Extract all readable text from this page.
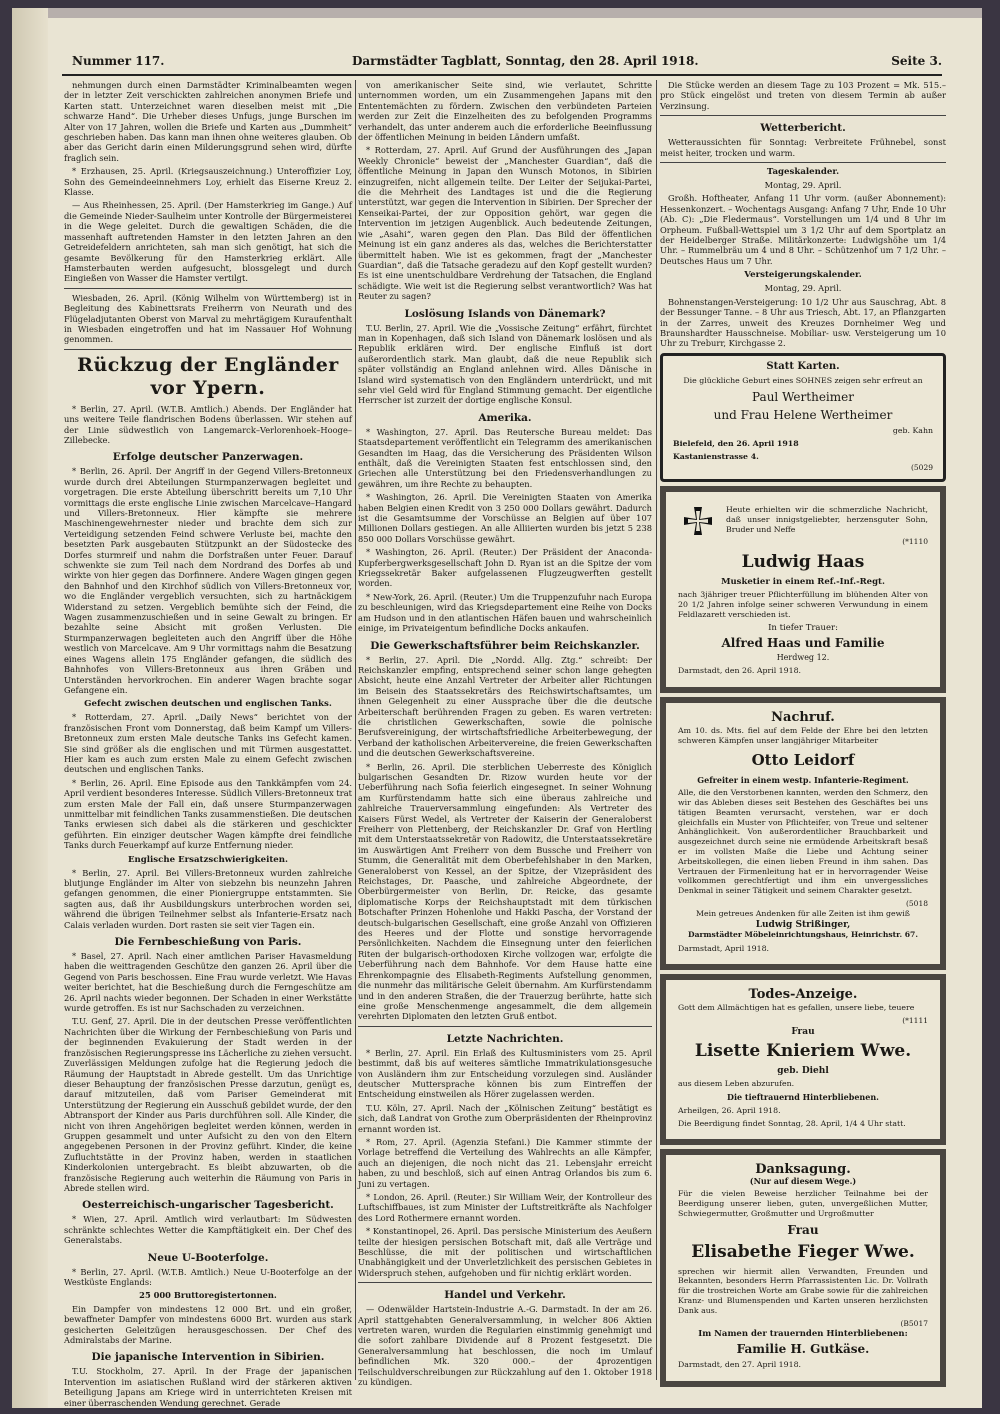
Nummer 117.	Darmstädter Tagblatt, Sonntag, den 28. April 1918.	Seite 3.

nehmungen durch einen Darmstädter Kriminalbeamten wegen der in letzter Zeit verschickten zahlreichen anonymen Briefe und Karten statt. Unterzeichnet waren dieselben meist mit „Die schwarze Hand“. Die Urheber dieses Unfugs, junge Burschen im Alter von 17 Jahren, wollen die Briefe und Karten aus „Dummheit“ geschrieben haben. Das kann man ihnen ohne weiteres glauben. Ob aber das Gericht darin einen Milderungsgrund sehen wird, dürfte fraglich sein.

* Erzhausen, 25. April. (Kriegsauszeichnung.) Unteroffizier Loy, Sohn des Gemeindeeinnehmers Loy, erhielt das Eiserne Kreuz 2. Klasse.

— Aus Rheinhessen, 25. April. (Der Hamsterkrieg im Gange.) Auf die Gemeinde Nieder-Saulheim unter Kontrolle der Bürgermeisterei in die Wege geleitet. Durch die gewaltigen Schäden, die die massenhaft auftretenden Hamster in den letzten Jahren an den Getreidefeldern anrichteten, sah man sich genötigt, hat sich die gesamte Bevölkerung für den Hamsterkrieg erklärt. Alle Hamsterbauten werden aufgesucht, blossgelegt und durch Eingießen von Wasser die Hamster vertilgt.

Wiesbaden, 26. April. (König Wilhelm von Württemberg) ist in Begleitung des Kabinettsrats Freiherrn von Neurath und des Flügeladjutanten Oberst von Marval zu mehrtägigem Kuraufenthalt in Wiesbaden eingetroffen und hat im Nassauer Hof Wohnung genommen.

Rückzug der Engländer vor Ypern.

* Berlin, 27. April. (W.T.B. Amtlich.) Abends. Der Engländer hat uns weitere Teile flandrischen Bodens überlassen. Wir stehen auf der Linie südwestlich von Langemarck–Verlorenhoek–Hooge–Zillebecke.

Erfolge deutscher Panzerwagen.

* Berlin, 26. April. Der Angriff in der Gegend Villers-Bretonneux wurde durch drei Abteilungen Sturmpanzerwagen begleitet und vorgetragen. Die erste Abteilung überschritt bereits um 7,10 Uhr vormittags die erste englische Linie zwischen Marcelcave–Hangard und Villers-Bretonneux. Hier kämpfte sie mehrere Maschinengewehrnester nieder und brachte dem sich zur Verteidigung setzenden Feind schwere Verluste bei, machte den besetzten Park ausgebauten Stützpunkt an der Südostecke des Dorfes sturmreif und nahm die Dorfstraßen unter Feuer. Darauf schwenkte sie zum Teil nach dem Nordrand des Dorfes ab und wirkte von hier gegen das Dorfinnere. Andere Wagen gingen gegen den Bahnhof und den Kirchhof südlich von Villers-Bretonneux vor, wo die Engländer vergeblich versuchten, sich zu hartnäckigem Widerstand zu setzen. Vergeblich bemühte sich der Feind, die Wagen zusammenzuschießen und in seine Gewalt zu bringen. Er bezahlte seine Absicht mit großen Verlusten. Die Sturmpanzerwagen begleiteten auch den Angriff über die Höhe westlich von Marcelcave. Am 9 Uhr vormittags nahm die Besatzung eines Wagens allein 175 Engländer gefangen, die südlich des Bahnhofes von Villers-Bretonneux aus ihren Gräben und Unterständen hervorkrochen. Ein anderer Wagen brachte sogar Gefangene ein.

Gefecht zwischen deutschen und englischen Tanks.

* Rotterdam, 27. April. „Daily News“ berichtet von der französischen Front vom Donnerstag, daß beim Kampf um Villers-Bretonneux zum ersten Male deutsche Tanks ins Gefecht kamen. Sie sind größer als die englischen und mit Türmen ausgestattet. Hier kam es auch zum ersten Male zu einem Gefecht zwischen deutschen und englischen Tanks.

* Berlin, 26. April. Eine Episode aus den Tankkämpfen vom 24. April verdient besonderes Interesse. Südlich Villers-Bretonneux trat zum ersten Male der Fall ein, daß unsere Sturmpanzerwagen unmittelbar mit feindlichen Tanks zusammenstießen. Die deutschen Tanks erwiesen sich dabei als die stärkeren und geschickter geführten. Ein einziger deutscher Wagen kämpfte drei feindliche Tanks durch Feuerkampf auf kurze Entfernung nieder.

Englische Ersatzschwierigkeiten.

* Berlin, 27. April. Bei Villers-Bretonneux wurden zahlreiche blutjunge Engländer im Alter von siebzehn bis neunzehn Jahren gefangen genommen, die einer Pioniergruppe entstammten. Sie sagten aus, daß ihr Ausbildungskurs unterbrochen worden sei, während die übrigen Teilnehmer selbst als Infanterie-Ersatz nach Calais verladen wurden. Dort rasten sie seit vier Tagen ein.

Die Fernbeschießung von Paris.

* Basel, 27. April. Nach einer amtlichen Pariser Havasmeldung haben die weittragenden Geschütze den ganzen 26. April über die Gegend von Paris beschossen. Eine Frau wurde verletzt. Wie Havas weiter berichtet, hat die Beschießung durch die Ferngeschütze am 26. April nachts wieder begonnen. Der Schaden in einer Werkstätte wurde getroffen. Es ist nur Sachschaden zu verzeichnen.

T.U. Genf, 27. April. Die in der deutschen Presse veröffentlichten Nachrichten über die Wirkung der Fernbeschießung von Paris und der beginnenden Evakuierung der Stadt werden in der französischen Regierungspresse ins Lächerliche zu ziehen versucht. Zuverlässigen Meldungen zufolge hat die Regierung jedoch die Räumung der Hauptstadt in Abrede gestellt. Um das Unrichtige dieser Behauptung der französischen Presse darzutun, genügt es, darauf mitzuteilen, daß vom Pariser Gemeinderat mit Unterstützung der Regierung ein Ausschuß gebildet wurde, der den Abtransport der Kinder aus Paris durchführen soll. Alle Kinder, die nicht von ihren Angehörigen begleitet werden können, werden in Gruppen gesammelt und unter Aufsicht zu den von den Eltern angegebenen Personen in der Provinz geführt. Kinder, die keine Zufluchtstätte in der Provinz haben, werden in staatlichen Kinderkolonien untergebracht. Es bleibt abzuwarten, ob die französische Regierung auch weiterhin die Räumung von Paris in Abrede stellen wird.

Oesterreichisch-ungarischer Tagesbericht.

* Wien, 27. April. Amtlich wird verlautbart: Im Südwesten schränkte schlechtes Wetter die Kampftätigkeit ein. Der Chef des Generalstabs.

Neue U-Booterfolge.

* Berlin, 27. April. (W.T.B. Amtlich.) Neue U-Booterfolge an der Westküste Englands:

25 000 Bruttoregistertonnen.

Ein Dampfer von mindestens 12 000 Brt. und ein großer, bewaffneter Dampfer von mindestens 6000 Brt. wurden aus stark gesicherten Geleitzügen herausgeschossen. Der Chef des Admiralstabs der Marine.

Die japanische Intervention in Sibirien.

T.U. Stockholm, 27. April. In der Frage der japanischen Intervention im asiatischen Rußland wird der stärkeren aktiven Beteiligung Japans am Kriege wird in unterrichteten Kreisen mit einer überraschenden Wendung gerechnet. Gerade

von amerikanischer Seite sind, wie verlautet, Schritte unternommen worden, um ein Zusammengehen Japans mit den Ententemächten zu fördern. Zwischen den verbündeten Parteien werden zur Zeit die Einzelheiten des zu befolgenden Programms verhandelt, das unter anderem auch die erforderliche Beeinflussung der öffentlichen Meinung in beiden Ländern umfaßt.

* Rotterdam, 27. April. Auf Grund der Ausführungen des „Japan Weekly Chronicle“ beweist der „Manchester Guardian“, daß die öffentliche Meinung in Japan den Wunsch Motonos, in Sibirien einzugreifen, nicht allgemein teilte. Der Leiter der Seijukai-Partei, die die Mehrheit des Landtages ist und die die Regierung unterstützt, war gegen die Intervention in Sibirien. Der Sprecher der Kenseikai-Partei, der zur Opposition gehört, war gegen die Intervention im jetzigen Augenblick. Auch bedeutende Zeitungen, wie „Asahi“, waren gegen den Plan. Das Bild der öffentlichen Meinung ist ein ganz anderes als das, welches die Berichterstatter übermittelt haben. Wie ist es gekommen, fragt der „Manchester Guardian“, daß die Tatsache geradezu auf den Kopf gestellt wurden? Es ist eine unentschuldbare Verdrehung der Tatsachen, die England schädigte. Wie weit ist die Regierung selbst verantwortlich? Was hat Reuter zu sagen?

Loslösung Islands von Dänemark?

T.U. Berlin, 27. April. Wie die „Vossische Zeitung“ erfährt, fürchtet man in Kopenhagen, daß sich Island von Dänemark loslösen und als Republik erklären wird. Der englische Einfluß ist dort außerordentlich stark. Man glaubt, daß die neue Republik sich später vollständig an England anlehnen wird. Alles Dänische in Island wird systematisch von den Engländern unterdrückt, und mit sehr viel Geld wird für England Stimmung gemacht. Der eigentliche Herrscher ist zurzeit der dortige englische Konsul.

Amerika.

* Washington, 27. April. Das Reutersche Bureau meldet: Das Staatsdepartement veröffentlicht ein Telegramm des amerikanischen Gesandten im Haag, das die Versicherung des Präsidenten Wilson enthält, daß die Vereinigten Staaten fest entschlossen sind, den Griechen alle Unterstützung bei den Friedensverhandlungen zu gewähren, um ihre Rechte zu behaupten.

* Washington, 26. April. Die Vereinigten Staaten von Amerika haben Belgien einen Kredit von 3 250 000 Dollars gewährt. Dadurch ist die Gesamtsumme der Vorschüsse an Belgien auf über 107 Millionen Dollars gestiegen. An alle Alliierten wurden bis jetzt 5 238 850 000 Dollars Vorschüsse gewährt.

* Washington, 26. April. (Reuter.) Der Präsident der Anaconda-Kupferbergwerksgesellschaft John D. Ryan ist an die Spitze der vom Kriegssekretär Baker aufgelassenen Flugzeugwerften gestellt worden.

* New-York, 26. April. (Reuter.) Um die Truppenzufuhr nach Europa zu beschleunigen, wird das Kriegsdepartement eine Reihe von Docks am Hudson und in den atlantischen Häfen bauen und wahrscheinlich einige, im Privateigentum befindliche Docks ankaufen.

Die Gewerkschaftsführer beim Reichskanzler.

* Berlin, 27. April. Die „Nordd. Allg. Ztg.“ schreibt: Der Reichskanzler empfing, entsprechend seiner schon lange gehegten Absicht, heute eine Anzahl Vertreter der Arbeiter aller Richtungen im Beisein des Staatssekretärs des Reichswirtschaftsamtes, um ihnen Gelegenheit zu einer Aussprache über die die deutsche Arbeiterschaft berührenden Fragen zu geben. Es waren vertreten: die christlichen Gewerkschaften, sowie die polnische Berufsvereinigung, der wirtschaftsfriedliche Arbeiterbewegung, der Verband der katholischen Arbeitervereine, die freien Gewerkschaften und die deutschen Gewerkschaftsvereine.

* Berlin, 26. April. Die sterblichen Ueberreste des Königlich bulgarischen Gesandten Dr. Rizow wurden heute vor der Ueberführung nach Sofia feierlich eingesegnet. In seiner Wohnung am Kurfürstendamm hatte sich eine überaus zahlreiche und zahlreiche Trauerversammlung eingefunden: Als Vertreter des Kaisers Fürst Wedel, als Vertreter der Kaiserin der Generaloberst Freiherr von Plettenberg, der Reichskanzler Dr. Graf von Hertling mit dem Unterstaatssekretär von Radowitz, die Unterstaatssekretäre im Auswärtigen Amt Freiherr von dem Bussche und Freiherr von Stumm, die Generalität mit dem Oberbefehlshaber in den Marken, Generaloberst von Kessel, an der Spitze, der Vizepräsident des Reichstages, Dr. Paasche, und zahlreiche Abgeordnete, der Oberbürgermeister von Berlin, Dr. Reicke, das gesamte diplomatische Korps der Reichshauptstadt mit dem türkischen Botschafter Prinzen Hohenlohe und Hakki Pascha, der Vorstand der deutsch-bulgarischen Gesellschaft, eine große Anzahl von Offizieren des Heeres und der Flotte und sonstige hervorragende Persönlichkeiten. Nachdem die Einsegnung unter den feierlichen Riten der bulgarisch-orthodoxen Kirche vollzogen war, erfolgte die Ueberführung nach dem Bahnhofe. Vor dem Hause hatte eine Ehrenkompagnie des Elisabeth-Regiments Aufstellung genommen, die nunmehr das militärische Geleit übernahm. Am Kurfürstendamm und in den anderen Straßen, die der Trauerzug berührte, hatte sich eine große Menschenmenge angesammelt, die dem allgemein verehrten Diplomaten den letzten Gruß entbot.

Letzte Nachrichten.

* Berlin, 27. April. Ein Erlaß des Kultusministers vom 25. April bestimmt, daß bis auf weiteres sämtliche Immatrikulationsgesuche von Ausländern ihm zur Entscheidung vorzulegen sind. Ausländer deutscher Muttersprache können bis zum Eintreffen der Entscheidung einstweilen als Hörer zugelassen werden.

T.U. Köln, 27. April. Nach der „Kölnischen Zeitung“ bestätigt es sich, daß Landrat von Grothe zum Oberpräsidenten der Rheinprovinz ernannt worden ist.

* Rom, 27. April. (Agenzia Stefani.) Die Kammer stimmte der Vorlage betreffend die Verteilung des Wahlrechts an alle Kämpfer, auch an diejenigen, die noch nicht das 21. Lebensjahr erreicht haben, zu und beschloß, sich auf einen Antrag Orlandos bis zum 6. Juni zu vertagen.

* London, 26. April. (Reuter.) Sir William Weir, der Kontrolleur des Luftschiffbaues, ist zum Minister der Luftstreitkräfte als Nachfolger des Lord Rothermere ernannt worden.

* Konstantinopel, 26. April. Das persische Ministerium des Aeußern teilte der hiesigen persischen Botschaft mit, daß alle Verträge und Beschlüsse, die mit der politischen und wirtschaftlichen Unabhängigkeit und der Unverletzlichkeit des persischen Gebietes in Widerspruch stehen, aufgehoben und für nichtig erklärt worden.

Handel und Verkehr.

— Odenwälder Hartstein-Industrie A.-G. Darmstadt. In der am 26. April stattgehabten Generalversammlung, in welcher 806 Aktien vertreten waren, wurden die Regularien einstimmig genehmigt und die sofort zahlbare Dividende auf 8 Prozent festgesetzt. Die Generalversammlung hat beschlossen, die noch im Umlauf befindlichen Mk. 320 000.– der 4prozentigen Teilschuldverschreibungen zur Rückzahlung auf den 1. Oktober 1918 zu kündigen.

Die Stücke werden an diesem Tage zu 103 Prozent = Mk. 515.– pro Stück eingelöst und treten von diesem Termin ab außer Verzinsung.

Wetterbericht.

Wetteraussichten für Sonntag: Verbreitete Frühnebel, sonst meist heiter, trocken und warm.

Tageskalender.

Montag, 29. April.

Großh. Hoftheater, Anfang 11 Uhr vorm. (außer Abonnement): Hessenkonzert. – Wochentags Ausgang: Anfang 7 Uhr, Ende 10 Uhr (Ab. C): „Die Fledermaus“. Vorstellungen um 1/4 und 8 Uhr im Orpheum. Fußball-Wettspiel um 3 1/2 Uhr auf dem Sportplatz an der Heidelberger Straße. Militärkonzerte: Ludwigshöhe um 1/4 Uhr. – Rummelbräu um 4 und 8 Uhr. – Schützenhof um 7 1/2 Uhr. – Deutsches Haus um 7 Uhr.

Versteigerungskalender.

Montag, 29. April.

Bohnenstangen-Versteigerung: 10 1/2 Uhr aus Sauschrag, Abt. 8 der Bessunger Tanne. – 8 Uhr aus Triesch, Abt. 17, an Pflanzgarten in der Zarres, unweit des Kreuzes Dornheimer Weg und Braunshardter Hausschneise. Mobiliar- usw. Versteigerung um 10 Uhr zu Treburr, Kirchgasse 2.

Statt Karten.
Die glückliche Geburt eines SOHNES zeigen sehr erfreut an
Paul Wertheimer
und Frau Helene Wertheimer
geb. Kahn
Bielefeld, den 26. April 1918
Kastanienstrasse 4.
(5029
Heute erhielten wir die schmerzliche Nachricht, daß unser innigstgeliebter, herzensguter Sohn, Bruder und Neffe
(*1110
Ludwig Haas
Musketier in einem Ref.-Inf.-Regt.
nach 3jähriger treuer Pflichterfüllung im blühenden Alter von 20 1/2 Jahren infolge seiner schweren Verwundung in einem Feldlazarett verschieden ist.
In tiefer Trauer:
Alfred Haas und Familie
Herdweg 12.
Darmstadt, den 26. April 1918.
Nachruf.
Am 10. ds. Mts. fiel auf dem Felde der Ehre bei den letzten schweren Kämpfen unser langjähriger Mitarbeiter
Otto Leidorf
Gefreiter in einem westp. Infanterie-Regiment.
Alle, die den Verstorbenen kannten, werden den Schmerz, den wir das Ableben dieses seit Bestehen des Geschäftes bei uns tätigen Beamten verursacht, verstehen, war er doch gleichfalls ein Muster von Pflichteifer, von Treue und seltener Anhänglichkeit. Von außerordentlicher Brauchbarkeit und ausgezeichnet durch seine nie ermüdende Arbeitskraft besaß er im vollsten Maße die Liebe und Achtung seiner Arbeitskollegen, die einen lieben Freund in ihm sahen. Das Vertrauen der Firmenleitung hat er in hervorragender Weise vollkommen gerechtfertigt und ihm ein unvergessliches Denkmal in seiner Tätigkeit und seinem Charakter gesetzt.
(5018
Mein getreues Andenken für alle Zeiten ist ihm gewiß
Ludwig Strißinger,
Darmstädter Möbeleinrichtungshaus, Heinrichstr. 67.
Darmstadt, April 1918.
Todes-Anzeige.
Gott dem Allmächtigen hat es gefallen, unsere liebe, teuere
(*1111
Frau
Lisette Knieriem Wwe.
geb. Diehl
aus diesem Leben abzurufen.
Die tieftrauernd Hinterbliebenen.
Arheilgen, 26. April 1918.
Die Beerdigung findet Sonntag, 28. April, 1/4 4 Uhr statt.
Danksagung.
(Nur auf diesem Wege.)
Für die vielen Beweise herzlicher Teilnahme bei der Beerdigung unserer lieben, guten, unvergeßlichen Mutter, Schwiegermutter, Großmutter und Urgroßmutter
Frau
Elisabethe Fieger Wwe.
sprechen wir hiermit allen Verwandten, Freunden und Bekannten, besonders Herrn Pfarrassistenten Lic. Dr. Vollrath für die trostreichen Worte am Grabe sowie für die zahlreichen Kranz- und Blumenspenden und Karten unseren herzlichsten Dank aus.
(B5017
Im Namen der trauernden Hinterbliebenen:
Familie H. Gutkäse.
Darmstadt, den 27. April 1918.
